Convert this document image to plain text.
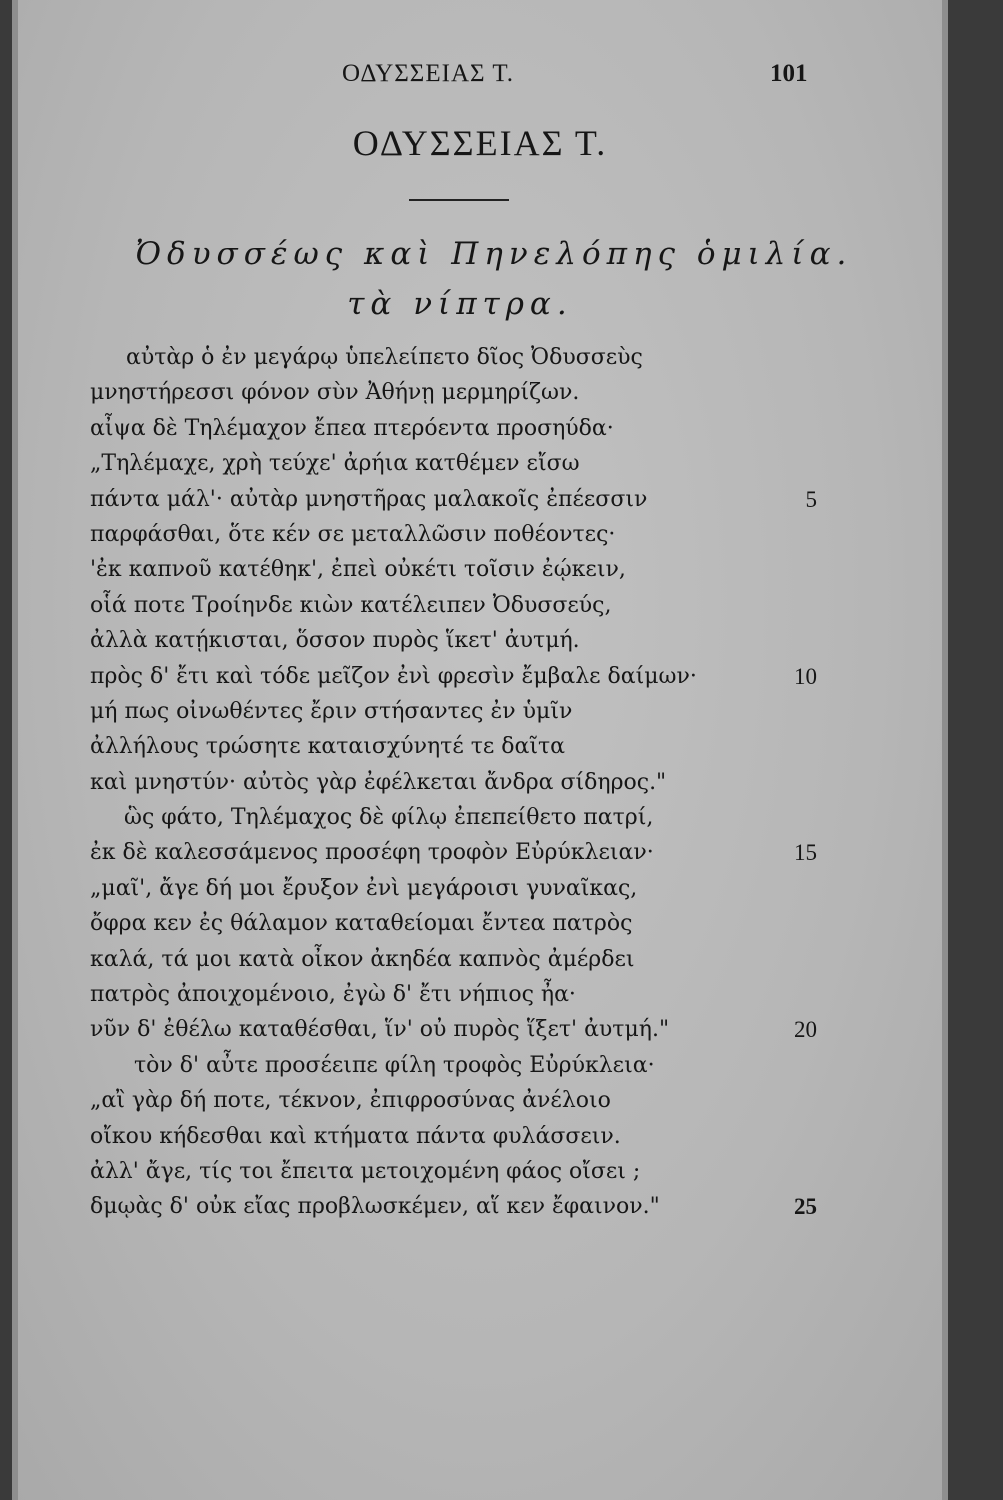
ΟΔΥΣΣΕΙΑΣ Τ.	101
ΟΔΥΣΣΕΙΑΣ Τ.
Ὀδυσσέως καὶ Πηνελόπης ὁμιλία.
τὰ νίπτρα.
αὐτὰρ ὁ ἐν μεγάρῳ ὑπελείπετο δῖος Ὀδυσσεὺς
μνηστήρεσσι φόνον σὺν Ἀθήνῃ μερμηρίζων.
αἶψα δὲ Τηλέμαχον ἔπεα πτερόεντα προσηύδα·
„Τηλέμαχε, χρὴ τεύχε' ἀρήια κατθέμεν εἴσω
πάντα μάλ'· αὐτὰρ μνηστῆρας μαλακοῖς ἐπέεσσιν	5
παρφάσθαι, ὅτε κέν σε μεταλλῶσιν ποθέοντες·
'ἐκ καπνοῦ κατέθηκ', ἐπεὶ οὐκέτι τοῖσιν ἐῴκειν,
οἷά ποτε Τροίηνδε κιὼν κατέλειπεν Ὀδυσσεύς,
ἀλλὰ κατῄκισται, ὅσσον πυρὸς ἵκετ' ἀυτμή.
πρὸς δ' ἔτι καὶ τόδε μεῖζον ἐνὶ φρεσὶν ἔμβαλε δαίμων·	10
μή πως οἰνωθέντες ἔριν στήσαντες ἐν ὑμῖν
ἀλλήλους τρώσητε καταισχύνητέ τε δαῖτα
καὶ μνηστύν· αὐτὸς γὰρ ἐφέλκεται ἄνδρα σίδηρος."
ὣς φάτο, Τηλέμαχος δὲ φίλῳ ἐπεπείθετο πατρί,
ἐκ δὲ καλεσσάμενος προσέφη τροφὸν Εὐρύκλειαν·	15
„μαῖ', ἄγε δή μοι ἔρυξον ἐνὶ μεγάροισι γυναῖκας,
ὄφρα κεν ἐς θάλαμον καταθείομαι ἔντεα πατρὸς
καλά, τά μοι κατὰ οἶκον ἀκηδέα καπνὸς ἀμέρδει
πατρὸς ἀποιχομένοιο, ἐγὼ δ' ἔτι νήπιος ἦα·
νῦν δ' ἐθέλω καταθέσθαι, ἵν' οὐ πυρὸς ἵξετ' ἀυτμή."	20
τὸν δ' αὖτε προσέειπε φίλη τροφὸς Εὐρύκλεια·
„αἲ γὰρ δή ποτε, τέκνον, ἐπιφροσύνας ἀνέλοιο
οἴκου κήδεσθαι καὶ κτήματα πάντα φυλάσσειν.
ἀλλ' ἄγε, τίς τοι ἔπειτα μετοιχομένη φάος οἴσει ;
δμῳὰς δ' οὐκ εἴας προβλωσκέμεν, αἵ κεν ἔφαινον."	25
